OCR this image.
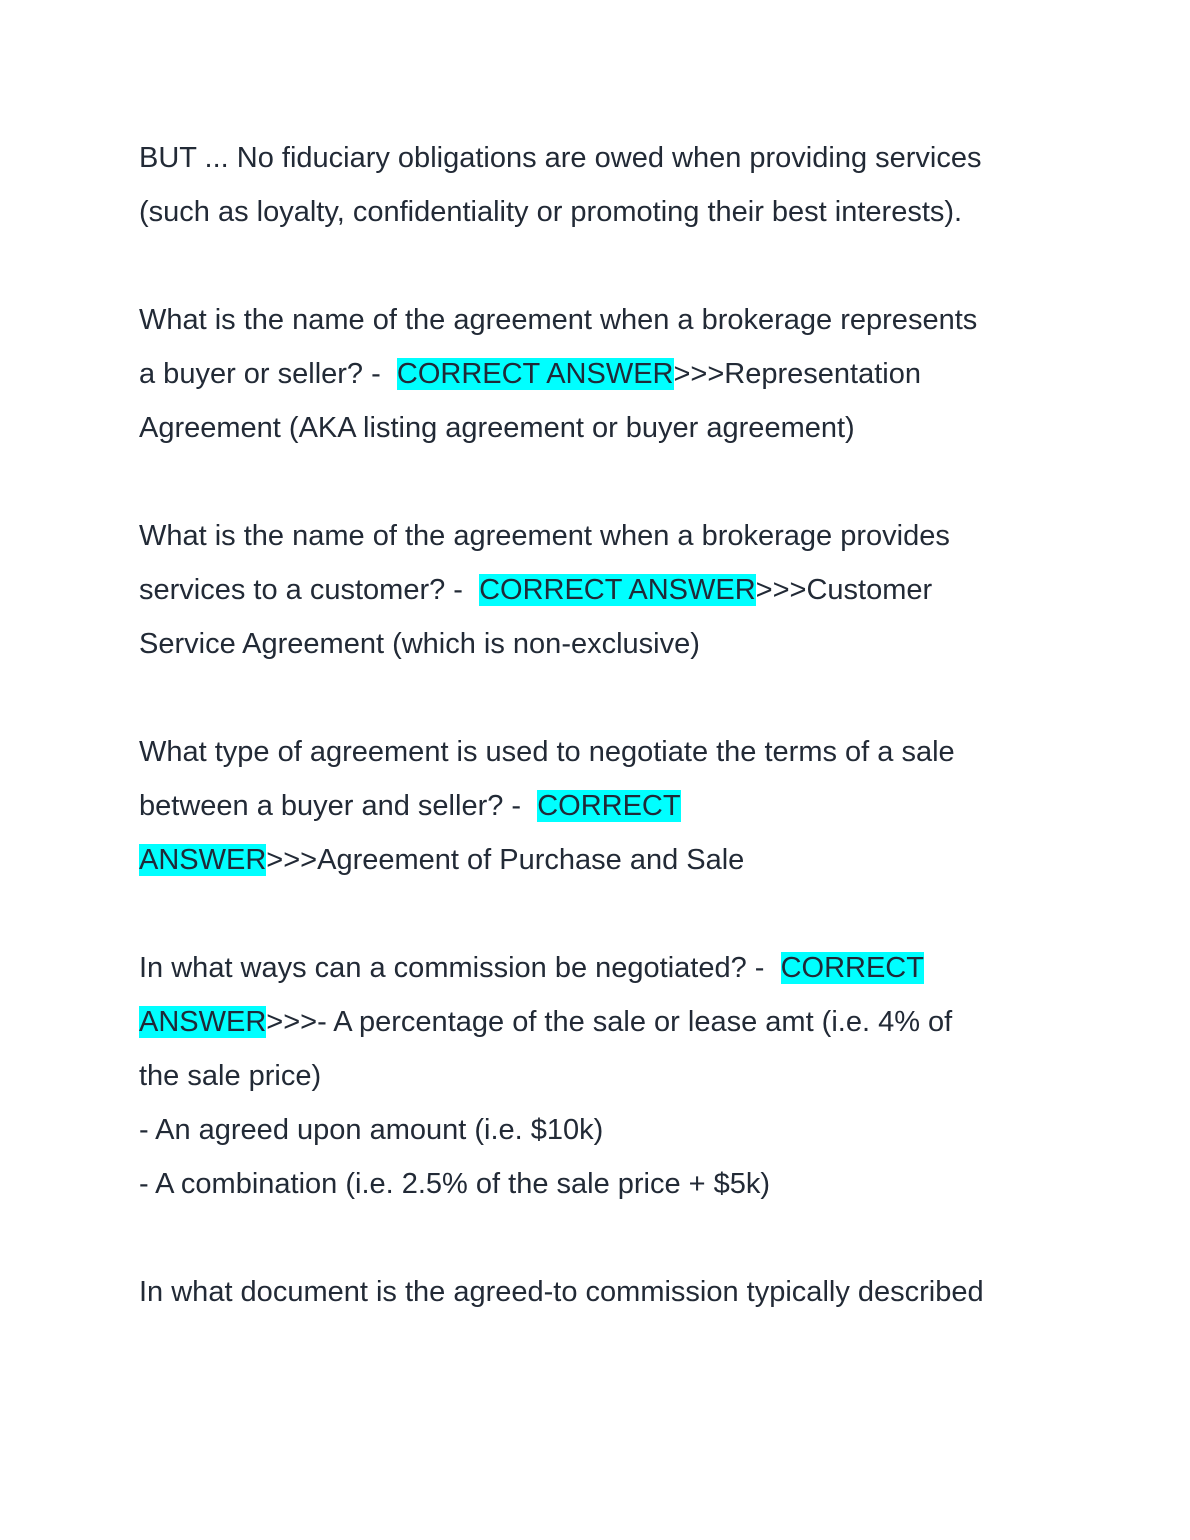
BUT ... No fiduciary obligations are owed when providing services
(such as loyalty, confidentiality or promoting their best interests).
What is the name of the agreement when a brokerage represents
a buyer or seller? -  CORRECT ANSWER>>>Representation
Agreement (AKA listing agreement or buyer agreement)
What is the name of the agreement when a brokerage provides
services to a customer? -  CORRECT ANSWER>>>Customer
Service Agreement (which is non-exclusive)
What type of agreement is used to negotiate the terms of a sale
between a buyer and seller? -  CORRECT
ANSWER>>>Agreement of Purchase and Sale
In what ways can a commission be negotiated? -  CORRECT
ANSWER>>>- A percentage of the sale or lease amt (i.e. 4% of
the sale price)
- An agreed upon amount (i.e. $10k)
- A combination (i.e. 2.5% of the sale price + $5k)
In what document is the agreed-to commission typically described
